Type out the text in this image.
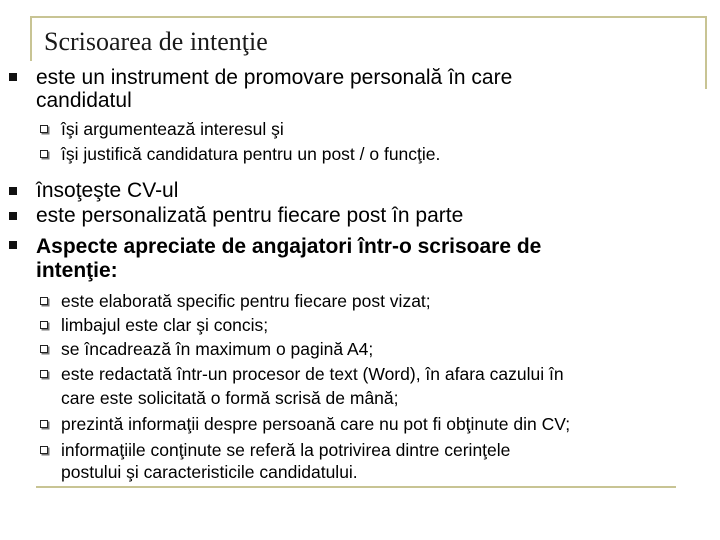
Scrisoarea de intenţie
este un instrument de promovare personală în care
candidatul
îşi argumentează interesul şi
îşi justifică candidatura pentru un post / o funcţie.
însoţeşte CV-ul
este personalizată pentru fiecare post în parte
Aspecte apreciate de angajatori într-o scrisoare de
intenţie:
este elaborată specific pentru fiecare post vizat;
limbajul este clar şi concis;
se încadrează în maximum o pagină A4;
este redactată într-un procesor de text (Word), în afara cazului în
care este solicitată o formă scrisă de mână;
prezintă informaţii despre persoană care nu pot fi obţinute din CV;
informaţiile conţinute se referă la potrivirea dintre cerinţele
postului şi caracteristicile candidatului.
